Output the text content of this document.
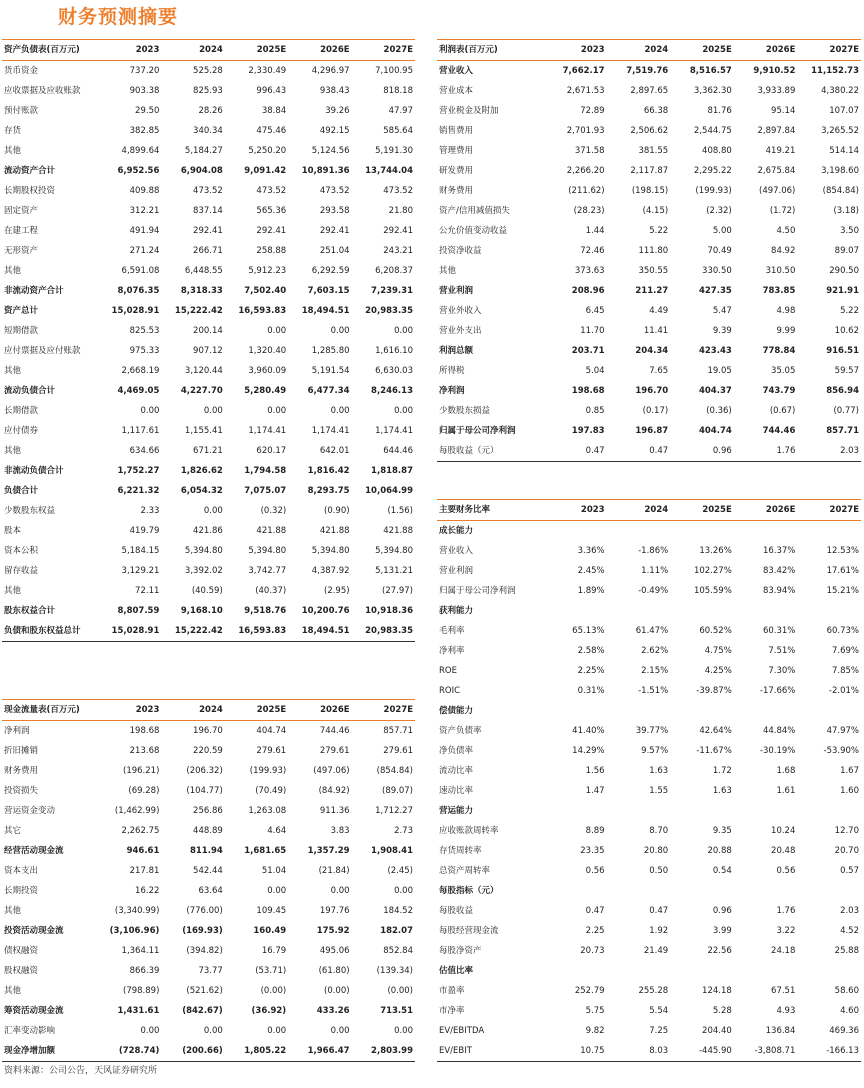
财务预测摘要
资产负债表(百万元)	2023	2024	2025E	2026E	2027E
货币资金	737.20	525.28	2,330.49	4,296.97	7,100.95
应收票据及应收账款	903.38	825.93	996.43	938.43	818.18
预付账款	29.50	28.26	38.84	39.26	47.97
存货	382.85	340.34	475.46	492.15	585.64
其他	4,899.64	5,184.27	5,250.20	5,124.56	5,191.30
流动资产合计	6,952.56	6,904.08	9,091.42	10,891.36	13,744.04
长期股权投资	409.88	473.52	473.52	473.52	473.52
固定资产	312.21	837.14	565.36	293.58	21.80
在建工程	491.94	292.41	292.41	292.41	292.41
无形资产	271.24	266.71	258.88	251.04	243.21
其他	6,591.08	6,448.55	5,912.23	6,292.59	6,208.37
非流动资产合计	8,076.35	8,318.33	7,502.40	7,603.15	7,239.31
资产总计	15,028.91	15,222.42	16,593.83	18,494.51	20,983.35
短期借款	825.53	200.14	0.00	0.00	0.00
应付票据及应付账款	975.33	907.12	1,320.40	1,285.80	1,616.10
其他	2,668.19	3,120.44	3,960.09	5,191.54	6,630.03
流动负债合计	4,469.05	4,227.70	5,280.49	6,477.34	8,246.13
长期借款	0.00	0.00	0.00	0.00	0.00
应付债券	1,117.61	1,155.41	1,174.41	1,174.41	1,174.41
其他	634.66	671.21	620.17	642.01	644.46
非流动负债合计	1,752.27	1,826.62	1,794.58	1,816.42	1,818.87
负债合计	6,221.32	6,054.32	7,075.07	8,293.75	10,064.99
少数股东权益	2.33	0.00	(0.32)	(0.90)	(1.56)
股本	419.79	421.86	421.88	421.88	421.88
资本公积	5,184.15	5,394.80	5,394.80	5,394.80	5,394.80
留存收益	3,129.21	3,392.02	3,742.77	4,387.92	5,131.21
其他	72.11	(40.59)	(40.37)	(2.95)	(27.97)
股东权益合计	8,807.59	9,168.10	9,518.76	10,200.76	10,918.36
负债和股东权益总计	15,028.91	15,222.42	16,593.83	18,494.51	20,983.35
利润表(百万元)	2023	2024	2025E	2026E	2027E
营业收入	7,662.17	7,519.76	8,516.57	9,910.52	11,152.73
营业成本	2,671.53	2,897.65	3,362.30	3,933.89	4,380.22
营业税金及附加	72.89	66.38	81.76	95.14	107.07
销售费用	2,701.93	2,506.62	2,544.75	2,897.84	3,265.52
管理费用	371.58	381.55	408.80	419.21	514.14
研发费用	2,266.20	2,117.87	2,295.22	2,675.84	3,198.60
财务费用	(211.62)	(198.15)	(199.93)	(497.06)	(854.84)
资产/信用减值损失	(28.23)	(4.15)	(2.32)	(1.72)	(3.18)
公允价值变动收益	1.44	5.22	5.00	4.50	3.50
投资净收益	72.46	111.80	70.49	84.92	89.07
其他	373.63	350.55	330.50	310.50	290.50
营业利润	208.96	211.27	427.35	783.85	921.91
营业外收入	6.45	4.49	5.47	4.98	5.22
营业外支出	11.70	11.41	9.39	9.99	10.62
利润总额	203.71	204.34	423.43	778.84	916.51
所得税	5.04	7.65	19.05	35.05	59.57
净利润	198.68	196.70	404.37	743.79	856.94
少数股东损益	0.85	(0.17)	(0.36)	(0.67)	(0.77)
归属于母公司净利润	197.83	196.87	404.74	744.46	857.71
每股收益（元）	0.47	0.47	0.96	1.76	2.03
现金流量表(百万元)	2023	2024	2025E	2026E	2027E
净利润	198.68	196.70	404.74	744.46	857.71
折旧摊销	213.68	220.59	279.61	279.61	279.61
财务费用	(196.21)	(206.32)	(199.93)	(497.06)	(854.84)
投资损失	(69.28)	(104.77)	(70.49)	(84.92)	(89.07)
营运资金变动	(1,462.99)	256.86	1,263.08	911.36	1,712.27
其它	2,262.75	448.89	4.64	3.83	2.73
经营活动现金流	946.61	811.94	1,681.65	1,357.29	1,908.41
资本支出	217.81	542.44	51.04	(21.84)	(2.45)
长期投资	16.22	63.64	0.00	0.00	0.00
其他	(3,340.99)	(776.00)	109.45	197.76	184.52
投资活动现金流	(3,106.96)	(169.93)	160.49	175.92	182.07
债权融资	1,364.11	(394.82)	16.79	495.06	852.84
股权融资	866.39	73.77	(53.71)	(61.80)	(139.34)
其他	(798.89)	(521.62)	(0.00)	(0.00)	(0.00)
筹资活动现金流	1,431.61	(842.67)	(36.92)	433.26	713.51
汇率变动影响	0.00	0.00	0.00	0.00	0.00
现金净增加额	(728.74)	(200.66)	1,805.22	1,966.47	2,803.99
主要财务比率	2023	2024	2025E	2026E	2027E
成长能力					
营业收入	3.36%	-1.86%	13.26%	16.37%	12.53%
营业利润	2.45%	1.11%	102.27%	83.42%	17.61%
归属于母公司净利润	1.89%	-0.49%	105.59%	83.94%	15.21%
获利能力					
毛利率	65.13%	61.47%	60.52%	60.31%	60.73%
净利率	2.58%	2.62%	4.75%	7.51%	7.69%
ROE	2.25%	2.15%	4.25%	7.30%	7.85%
ROIC	0.31%	-1.51%	-39.87%	-17.66%	-2.01%
偿债能力					
资产负债率	41.40%	39.77%	42.64%	44.84%	47.97%
净负债率	14.29%	9.57%	-11.67%	-30.19%	-53.90%
流动比率	1.56	1.63	1.72	1.68	1.67
速动比率	1.47	1.55	1.63	1.61	1.60
营运能力					
应收账款周转率	8.89	8.70	9.35	10.24	12.70
存货周转率	23.35	20.80	20.88	20.48	20.70
总资产周转率	0.56	0.50	0.54	0.56	0.57
每股指标（元）					
每股收益	0.47	0.47	0.96	1.76	2.03
每股经营现金流	2.25	1.92	3.99	3.22	4.52
每股净资产	20.73	21.49	22.56	24.18	25.88
估值比率					
市盈率	252.79	255.28	124.18	67.51	58.60
市净率	5.75	5.54	5.28	4.93	4.60
EV/EBITDA	9.82	7.25	204.40	136.84	469.36
EV/EBIT	10.75	8.03	-445.90	-3,808.71	-166.13
资料来源：公司公告，天风证券研究所
